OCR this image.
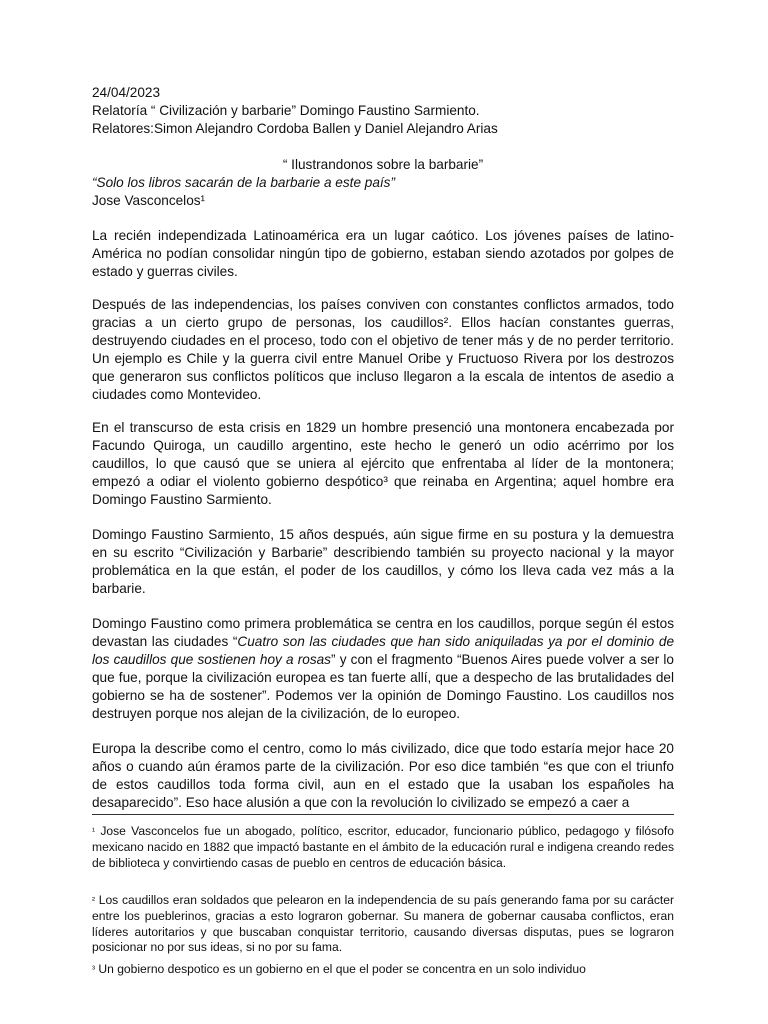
24/04/2023
Relatoría “ Civilización y barbarie” Domingo Faustino Sarmiento.
Relatores:Simon Alejandro Cordoba Ballen y Daniel Alejandro Arias
“ Ilustrandonos sobre la barbarie”
“Solo los libros sacarán de la barbarie a este país”
Jose Vasconcelos¹

La recién independizada Latinoamérica era un lugar caótico. Los jóvenes países de latino-América no podían consolidar ningún tipo de gobierno, estaban siendo azotados por golpes de estado y guerras civiles.

Después de las independencias, los países conviven con constantes conflictos armados, todo gracias a un cierto grupo de personas, los caudillos². Ellos hacían constantes guerras, destruyendo ciudades en el proceso, todo con el objetivo de tener más y de no perder territorio. Un ejemplo es Chile y la guerra civil entre Manuel Oribe y Fructuoso Rivera por los destrozos que generaron sus conflictos políticos que incluso llegaron a la escala de intentos de asedio a ciudades como Montevideo.

En el transcurso de esta crisis en 1829 un hombre presenció una montonera encabezada por Facundo Quiroga, un caudillo argentino, este hecho le generó un odio acérrimo por los caudillos, lo que causó que se uniera al ejército que enfrentaba al líder de la montonera; empezó a odiar el violento gobierno despótico³ que reinaba en Argentina; aquel hombre era Domingo Faustino Sarmiento.

Domingo Faustino Sarmiento, 15 años después, aún sigue firme en su postura y la demuestra en su escrito “Civilización y Barbarie” describiendo también su proyecto nacional y la mayor problemática en la que están, el poder de los caudillos, y cómo los lleva cada vez más a la barbarie.

Domingo Faustino como primera problemática se centra en los caudillos, porque según él estos devastan las ciudades “Cuatro son las ciudades que han sido aniquiladas ya por el dominio de los caudillos que sostienen hoy a rosas” y con el fragmento “Buenos Aires puede volver a ser lo que fue, porque la civilización europea es tan fuerte allí, que a despecho de las brutalidades del gobierno se ha de sostener”. Podemos ver la opinión de Domingo Faustino. Los caudillos nos destruyen porque nos alejan de la civilización, de lo europeo.

Europa la describe como el centro, como lo más civilizado, dice que todo estaría mejor hace 20 años o cuando aún éramos parte de la civilización. Por eso dice también “es que con el triunfo de estos caudillos toda forma civil, aun en el estado que la usaban los españoles ha desaparecido”. Eso hace alusión a que con la revolución lo civilizado se empezó a caer a

¹ Jose Vasconcelos fue un abogado, político, escritor, educador, funcionario público, pedagogo y filósofo mexicano nacido en 1882 que impactó bastante en el ámbito de la educación rural e indigena creando redes de biblioteca y convirtiendo casas de pueblo en centros de educación básica.

² Los caudillos eran soldados que pelearon en la independencia de su país generando fama por su carácter entre los pueblerinos, gracias a esto lograron gobernar. Su manera de gobernar causaba conflictos, eran líderes autoritarios y que buscaban conquistar territorio, causando diversas disputas, pues se lograron posicionar no por sus ideas, si no por su fama.

³ Un gobierno despotico es un gobierno en el que el poder se concentra en un solo individuo
